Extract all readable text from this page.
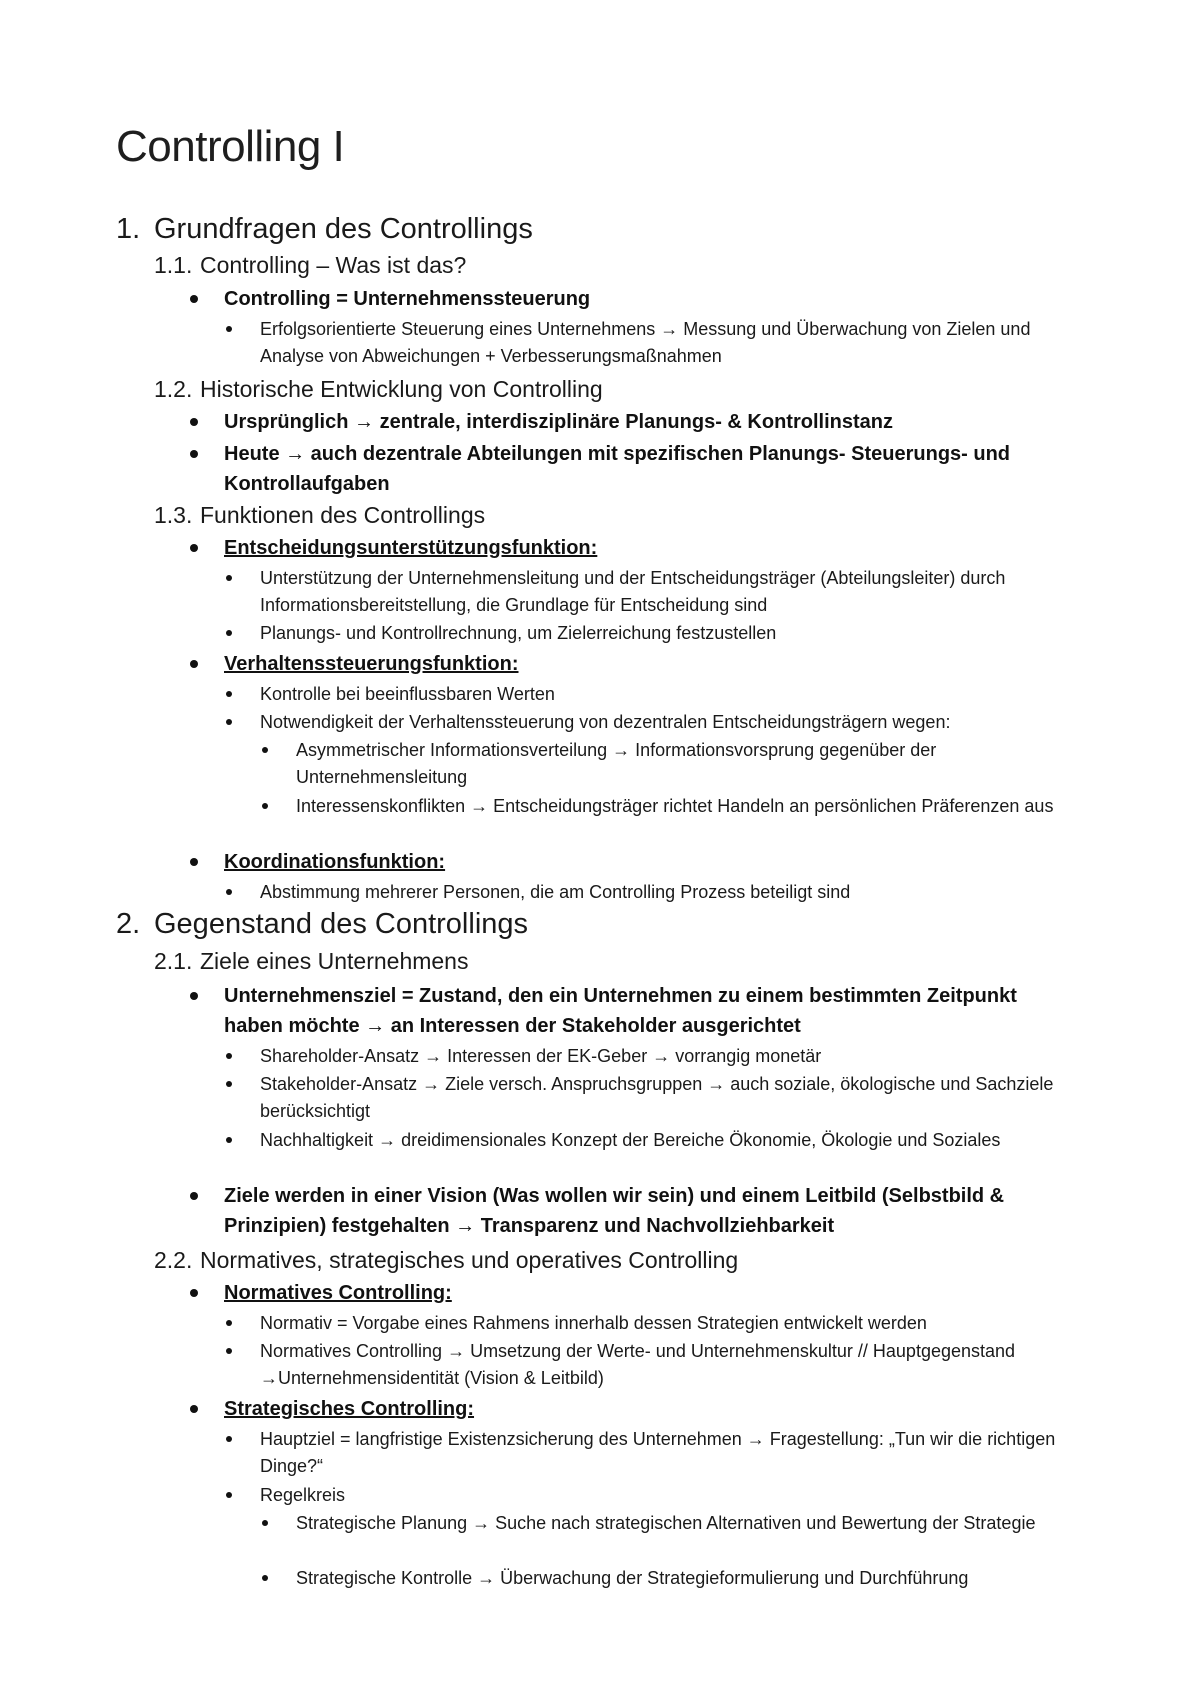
Controlling I
1. Grundfragen des Controllings
1.1. Controlling – Was ist das?
Controlling = Unternehmenssteuerung
Erfolgsorientierte Steuerung eines Unternehmens → Messung und Überwachung von Zielen und Analyse von Abweichungen + Verbesserungsmaßnahmen
1.2. Historische Entwicklung von Controlling
Ursprünglich → zentrale, interdisziplinäre Planungs- & Kontrollinstanz
Heute → auch dezentrale Abteilungen mit spezifischen Planungs- Steuerungs- und Kontrollaufgaben
1.3. Funktionen des Controllings
Entscheidungsunterstützungsfunktion:
Unterstützung der Unternehmensleitung und der Entscheidungsträger (Abteilungsleiter) durch Informationsbereitstellung, die Grundlage für Entscheidung sind
Planungs- und Kontrollrechnung, um Zielerreichung festzustellen
Verhaltenssteuerungsfunktion:
Kontrolle bei beeinflussbaren Werten
Notwendigkeit der Verhaltenssteuerung von dezentralen Entscheidungsträgern wegen:
Asymmetrischer Informationsverteilung → Informationsvorsprung gegenüber der Unternehmensleitung
Interessenskonflikten → Entscheidungsträger richtet Handeln an persönlichen Präferenzen aus
Koordinationsfunktion:
Abstimmung mehrerer Personen, die am Controlling Prozess beteiligt sind
2. Gegenstand des Controllings
2.1. Ziele eines Unternehmens
Unternehmensziel = Zustand, den ein Unternehmen zu einem bestimmten Zeitpunkt haben möchte → an Interessen der Stakeholder ausgerichtet
Shareholder-Ansatz → Interessen der EK-Geber → vorrangig monetär
Stakeholder-Ansatz → Ziele versch. Anspruchsgruppen → auch soziale, ökologische und Sachziele berücksichtigt
Nachhaltigkeit → dreidimensionales Konzept der Bereiche Ökonomie, Ökologie und Soziales
Ziele werden in einer Vision (Was wollen wir sein) und einem Leitbild (Selbstbild & Prinzipien) festgehalten → Transparenz und Nachvollziehbarkeit
2.2. Normatives, strategisches und operatives Controlling
Normatives Controlling:
Normativ = Vorgabe eines Rahmens innerhalb dessen Strategien entwickelt werden
Normatives Controlling → Umsetzung der Werte- und Unternehmenskultur // Hauptgegenstand →Unternehmensidentität (Vision & Leitbild)
Strategisches Controlling:
Hauptziel = langfristige Existenzsicherung des Unternehmen → Fragestellung: „Tun wir die richtigen Dinge?“
Regelkreis
Strategische Planung → Suche nach strategischen Alternativen und Bewertung der Strategie
Strategische Kontrolle → Überwachung der Strategieformulierung und Durchführung
